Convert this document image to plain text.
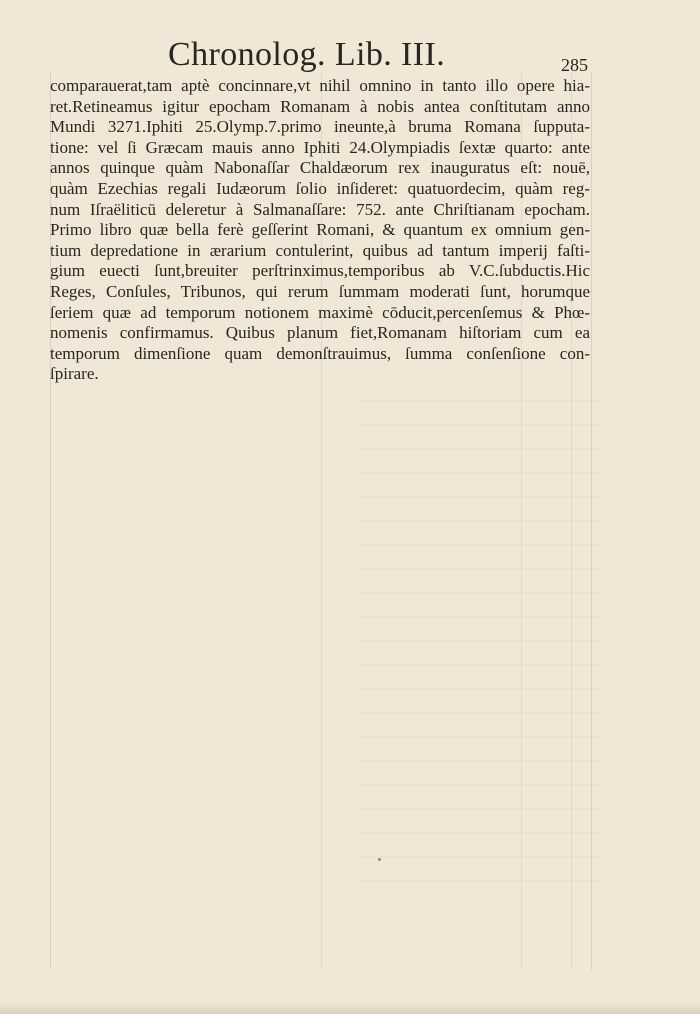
Chronolog. Lib. III.	285
comparauerat,tam aptè concinnare,vt nihil omnino in tanto illo opere hia-
ret.Retineamus igitur epocham Romanam à nobis antea conſtitutam anno
Mundi 3271.Iphiti 25.Olymp.7.primo ineunte,à bruma Romana ſupputa-
tione: vel ſi Græcam mauis anno Iphiti 24.Olympiadis ſextæ quarto: ante
annos quinque quàm Nabonaſſar Chaldæorum rex inauguratus eſt: nouē,
quàm Ezechias regali Iudæorum ſolio inſideret: quatuordecim, quàm reg-
num Iſraëliticū deleretur à Salmanaſſare: 752. ante Chriſtianam epocham.
Primo libro quæ bella ferè geſſerint Romani, & quantum ex omnium gen-
tium depredatione in ærarium contulerint, quibus ad tantum imperij faſti-
gium euecti ſunt,breuiter perſtrinximus,temporibus ab V.C.ſubductis.Hic
Reges, Conſules, Tribunos, qui rerum ſummam moderati ſunt, horumque
ſeriem quæ ad temporum notionem maximè cōducit,percenſemus & Phœ-
nomenis confirmamus. Quibus planum fiet,Romanam hiſtoriam cum ea
temporum dimenſione quam demonſtrauimus, ſumma conſenſione con-
ſpirare.
